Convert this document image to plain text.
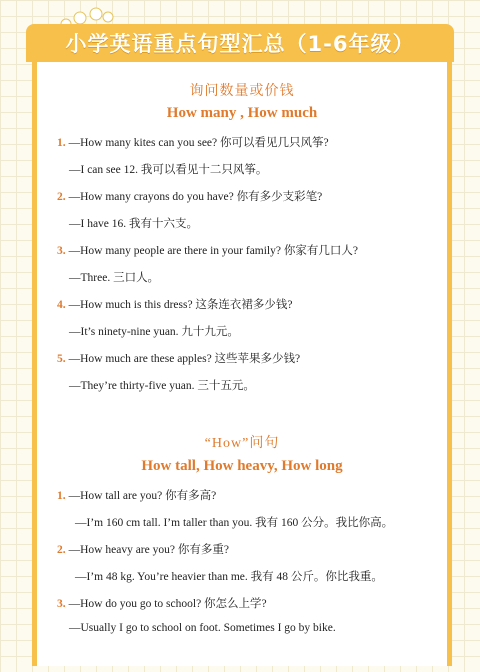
小学英语重点句型汇总（1-6年级）
询问数量或价钱
How many , How much
1. —How many kites can you see? 你可以看见几只风筝?
—I can see 12. 我可以看见十二只风筝。
2. —How many crayons do you have? 你有多少支彩笔?
—I have 16. 我有十六支。
3. —How many people are there in your family? 你家有几口人?
—Three. 三口人。
4. —How much is this dress? 这条连衣裙多少钱?
—It’s ninety-nine yuan. 九十九元。
5. —How much are these apples? 这些苹果多少钱?
—They’re thirty-five yuan. 三十五元。
“How”问句
How tall, How heavy, How long
1. —How tall are you? 你有多高?
—I’m 160 cm tall. I’m taller than you. 我有 160 公分。我比你高。
2. —How heavy are you? 你有多重?
—I’m 48 kg. You’re heavier than me. 我有 48 公斤。你比我重。
3. —How do you go to school? 你怎么上学?
—Usually I go to school on foot. Sometimes I go by bike.
